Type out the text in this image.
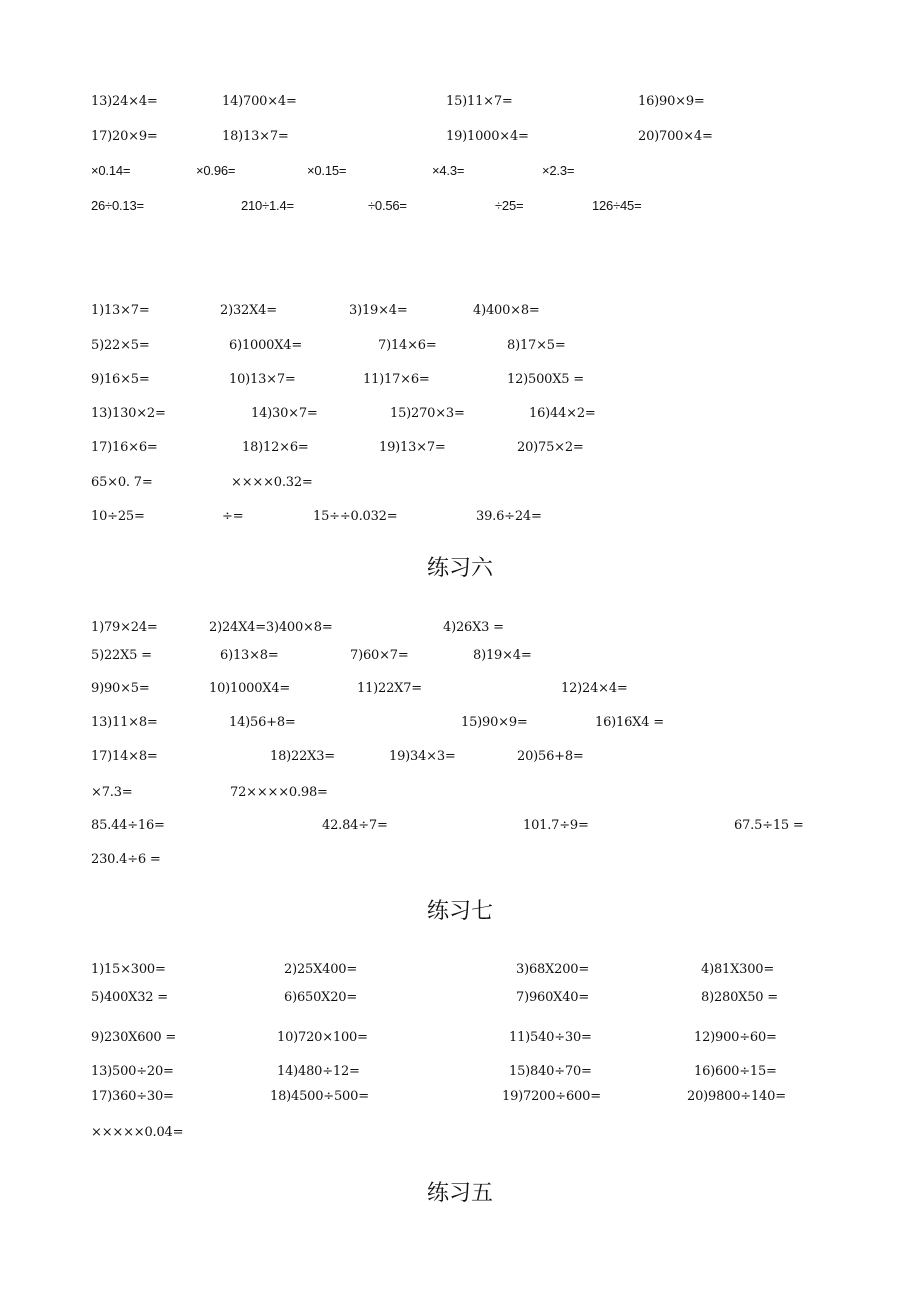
13)24×4=	14)700×4=	15)11×7=	16)90×9=
17)20×9=	18)13×7=	19)1000×4=	20)700×4=
×0.14=	×0.96=	×0.15=	×4.3=	×2.3=
26÷0.13=	210÷1.4=	÷0.56=	÷25=	126÷45=
1)13×7=	2)32X4=	3)19×4=	4)400×8=
5)22×5=	6)1000X4=	7)14×6=	8)17×5=
9)16×5=	10)13×7=	11)17×6=	12)500X5 =
13)130×2=	14)30×7=	15)270×3=	16)44×2=
17)16×6=	18)12×6=	19)13×7=	20)75×2=
65×0. 7=	××××0.32=
10÷25=	÷=	15÷÷0.032=	39.6÷24=
练习六
1)79×24=	2)24X4=3)400×8=	4)26X3 =
5)22X5 =	6)13×8=	7)60×7=	8)19×4=
9)90×5=	10)1000X4=	11)22X7=	12)24×4=
13)11×8=	14)56+8=	15)90×9=	16)16X4 =
17)14×8=	18)22X3=	19)34×3=	20)56+8=
×7.3=	72××××0.98=
85.44÷16=	42.84÷7=	101.7÷9=	67.5÷15 =
230.4÷6 =
练习七
1)15×300=	2)25X400=	3)68X200=	4)81X300=
5)400X32 =	6)650X20=	7)960X40=	8)280X50 =
9)230X600 =	10)720×100=	11)540÷30=	12)900÷60=
13)500÷20=	14)480÷12=	15)840÷70=	16)600÷15=
17)360÷30=	18)4500÷500=	19)7200÷600=	20)9800÷140=
×××××0.04=
练习五
